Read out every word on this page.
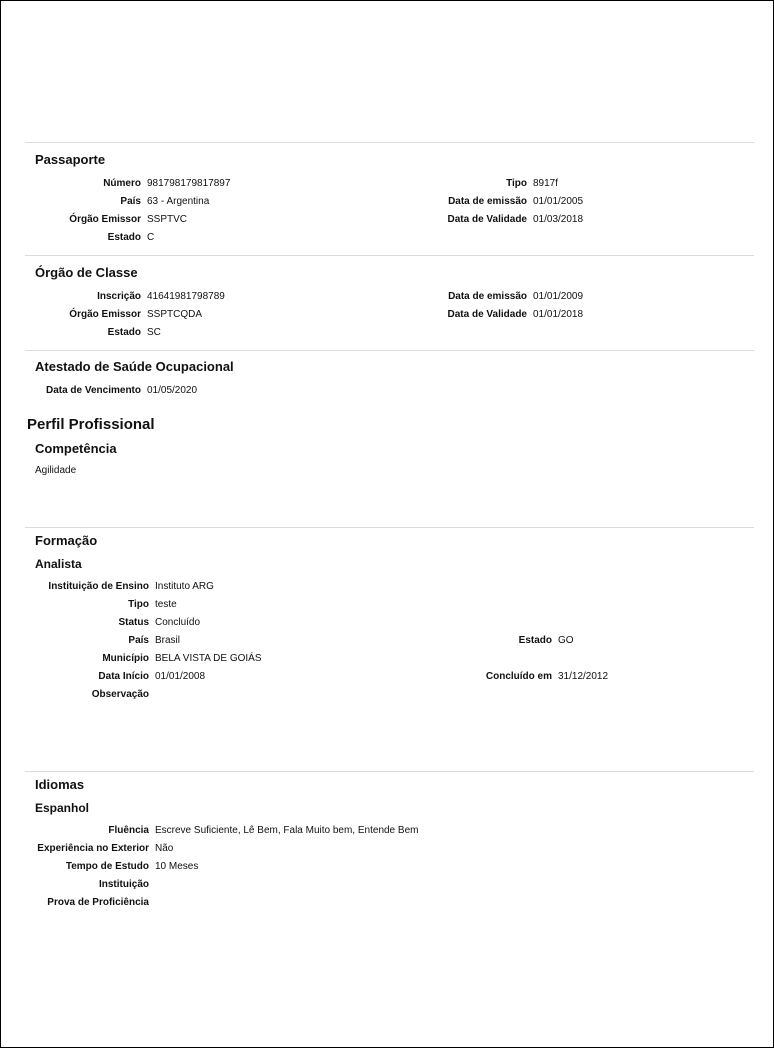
Passaporte
Número 981798179817897	Tipo 8917f
País 63 - Argentina	Data de emissão 01/01/2005
Órgão Emissor SSPTVC	Data de Validade 01/03/2018
Estado C
Órgão de Classe
Inscrição 41641981798789	Data de emissão 01/01/2009
Órgão Emissor SSPTCQDA	Data de Validade 01/01/2018
Estado SC
Atestado de Saúde Ocupacional
Data de Vencimento 01/05/2020
Perfil Profissional
Competência
Agilidade
Formação
Analista
Instituição de Ensino Instituto ARG
Tipo teste
Status Concluído
País Brasil	Estado GO
Município BELA VISTA DE GOIÁS
Data Início 01/01/2008	Concluído em 31/12/2012
Observação
Idiomas
Espanhol
Fluência Escreve Suficiente, Lê Bem, Fala Muito bem, Entende Bem
Experiência no Exterior Não
Tempo de Estudo 10 Meses
Instituição
Prova de Proficiência
